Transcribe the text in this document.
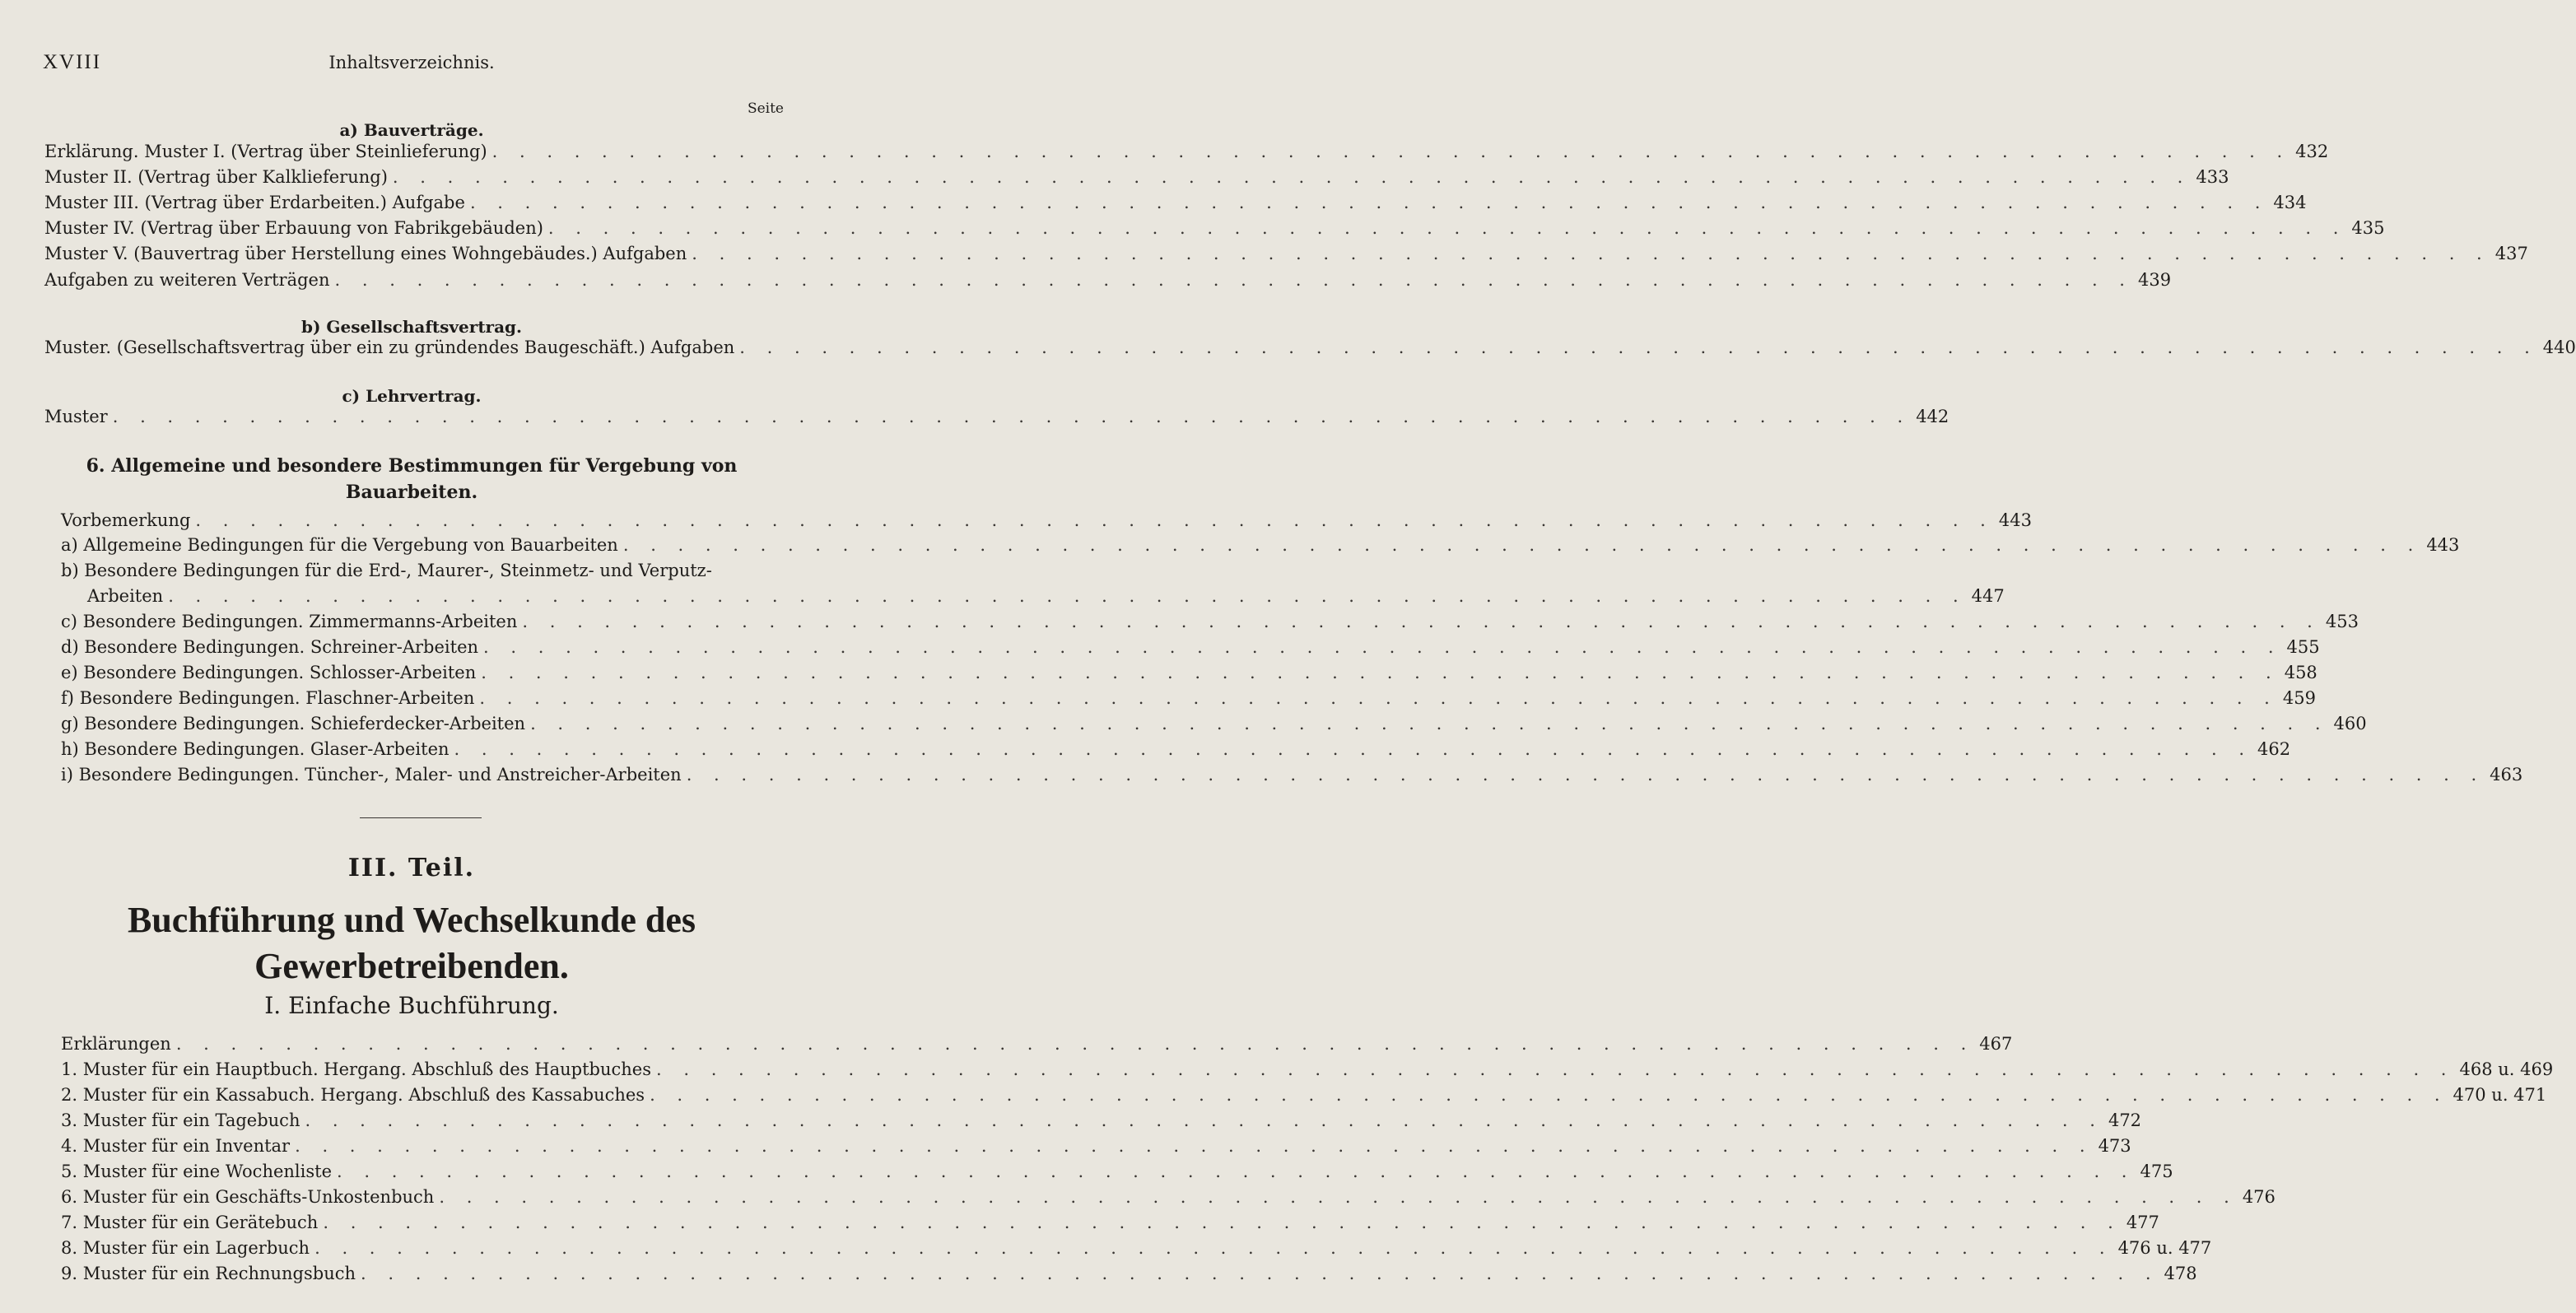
XVIII	Inhaltsverzeichnis.
Seite
a) Bauverträge.
Erklärung. Muster I. (Vertrag über Steinlieferung) . . .	432
Muster II. (Vertrag über Kalklieferung) . . .	433
Muster III. (Vertrag über Erdarbeiten.) Aufgabe . . .	434
Muster IV. (Vertrag über Erbauung von Fabrikgebäuden) . . .	435
Muster V. (Bauvertrag über Herstellung eines Wohngebäudes.) Aufgaben . . .	437
Aufgaben zu weiteren Verträgen . . .	439
b) Gesellschaftsvertrag.
Muster. (Gesellschaftsvertrag über ein zu gründendes Baugeschäft.) Aufgaben . . .	440
c) Lehrvertrag.
Muster . . .	442
6. Allgemeine und besondere Bestimmungen für Vergebung von
Bauarbeiten.
Vorbemerkung . . .	443
a) Allgemeine Bedingungen für die Vergebung von Bauarbeiten . . .	443
b) Besondere Bedingungen für die Erd-, Maurer-, Steinmetz- und Verputz-
Arbeiten . . .	447
c) Besondere Bedingungen. Zimmermanns-Arbeiten . . .	453
d) Besondere Bedingungen. Schreiner-Arbeiten . . .	455
e) Besondere Bedingungen. Schlosser-Arbeiten . . .	458
f) Besondere Bedingungen. Flaschner-Arbeiten . . .	459
g) Besondere Bedingungen. Schieferdecker-Arbeiten . . .	460
h) Besondere Bedingungen. Glaser-Arbeiten . . .	462
i) Besondere Bedingungen. Tüncher-, Maler- und Anstreicher-Arbeiten . . .	463
III. Teil.
Buchführung und Wechselkunde des
Gewerbetreibenden.
I. Einfache Buchführung.
Erklärungen . . .	467
1. Muster für ein Hauptbuch. Hergang. Abschluß des Hauptbuches . . .	468 u. 469
2. Muster für ein Kassabuch. Hergang. Abschluß des Kassabuches . . .	470 u. 471
3. Muster für ein Tagebuch . . .	472
4. Muster für ein Inventar . . .	473
5. Muster für eine Wochenliste . . .	475
6. Muster für ein Geschäfts-Unkostenbuch . . .	476
7. Muster für ein Gerätebuch . . .	477
8. Muster für ein Lagerbuch . . .	476 u. 477
9. Muster für ein Rechnungsbuch . . .	478
